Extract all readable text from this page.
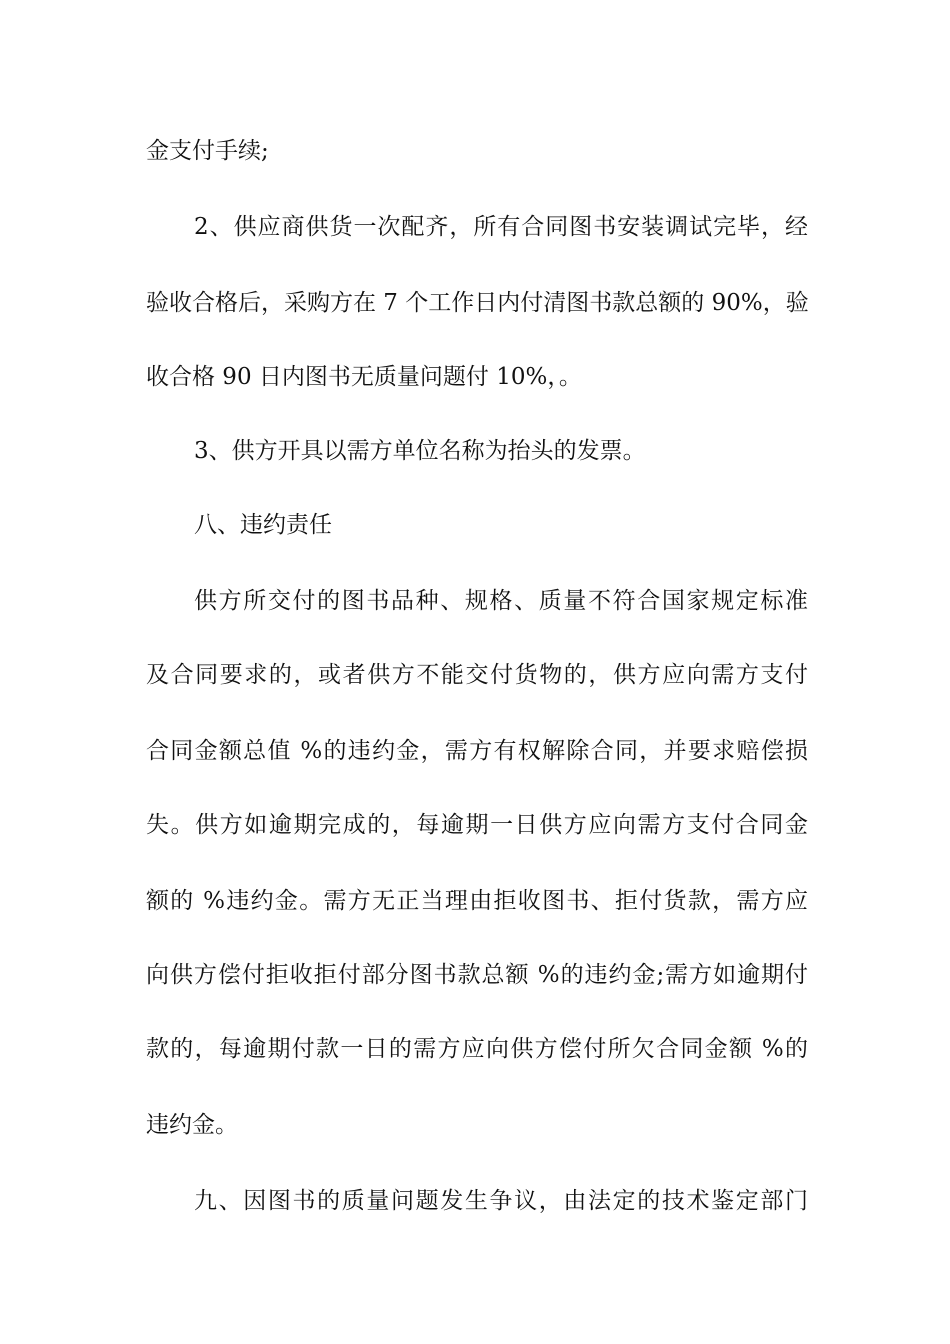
金支付手续;
2、供应商供货一次配齐，所有合同图书安装调试完毕，经
验收合格后，采购方在 7 个工作日内付清图书款总额的 90%，验
收合格 90 日内图书无质量问题付 10%，。
3、供方开具以需方单位名称为抬头的发票。
八、违约责任
供方所交付的图书品种、规格、质量不符合国家规定标准
及合同要求的，或者供方不能交付货物的，供方应向需方支付
合同金额总值 %的违约金，需方有权解除合同，并要求赔偿损
失。供方如逾期完成的，每逾期一日供方应向需方支付合同金
额的 %违约金。需方无正当理由拒收图书、拒付货款，需方应
向供方偿付拒收拒付部分图书款总额 %的违约金;需方如逾期付
款的，每逾期付款一日的需方应向供方偿付所欠合同金额 %的
违约金。
九、因图书的质量问题发生争议，由法定的技术鉴定部门
